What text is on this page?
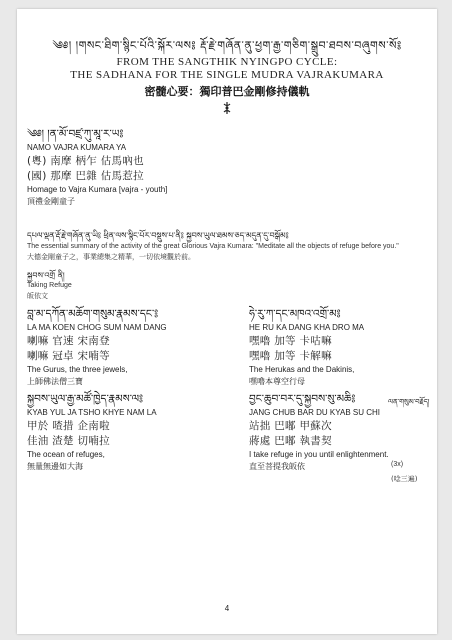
༄༅། །གསང་ཐིག་སྙིང་པོའི་སྐོར་ལས༔ རྡོ་རྗེ་གཞོན་ནུ་ཕྱག་རྒྱ་གཅིག་སྒྲུབ་ཐབས་བཞུགས་སོ༔
FROM THE SANGTHIK NYINGPO CYCLE:
THE SADHANA FOR THE SINGLE MUDRA VAJRAKUMARA
密髓心要：獨印普巴金剛修持儀軌
༄༅། །ན་མོ་བཛྲ་ཀུ་མཱ་ར་ཡ༔
NAMO VAJRA KUMARA YA
(粵) 南摩 柄乍 估馬吶也
(國) 那摩 巴雜 估馬惹拉
Homage to Vajra Kumara [vajra - youth]
頂禮金剛童子
དཔལ་ལྡན་རྡོ་རྗེ་གཞོན་ནུ་ཡི༔ ཕྲིན་ལས་སྙིང་པོར་བསྡུས་པ་ནི༔ སྐྱབས་ཡུལ་ཐམས་ཅད་མདུན་དུ་བསྒོམ༔
The essential summary of the activity of the great Glorious Vajra Kumara: "Meditate all the objects of refuge before you."
大德金剛童子之，事業總集之精華，一切依境觀於前。
སྐྱབས་འགྲོ ནི།
Taking Refuge
皈依文
བླ་མ་དཀོན་མཆོག་གསུམ་རྣམས་དང་༔
LA MA KOEN CHOG SUM NAM DANG
喇嘛 官速 宋南登
喇嘛 冠卓 宋喃等
The Gurus, the three jewels,
上師佛法僧三寶
ཧེ་རུ་ཀ་དང་མཁའ་འགྲོ་མ༔
HE RU KA DANG KHA DRO MA
嘿嚕 加等 卡咕嘛
嘿嚕 加等 卡解嘛
The Herukas and the Dakinis,
嘿嚕本尊空行母
སྐྱབས་ཡུལ་རྒྱ་མཚོ་ཁྱེད་རྣམས་ལ༔
KYAB YUL JA TSHO KHYE NAM LA
甲於 喳措 企南啦
佳油 渣楚 切喃拉
The ocean of refuges,
無量無邊如大海
བྱང་ཆུབ་བར་དུ་སྐྱབས་སུ་མཆི༔
JANG CHUB BAR DU KYAB SU CHI
站拙 巴嘟 甲蘇次
蔣處 巴嘟 執書契
I take refuge in you until enlightenment.
直至菩提我皈依
ལན་གསུམ་བརྗོད།
(3x)
(唸三遍)
4
